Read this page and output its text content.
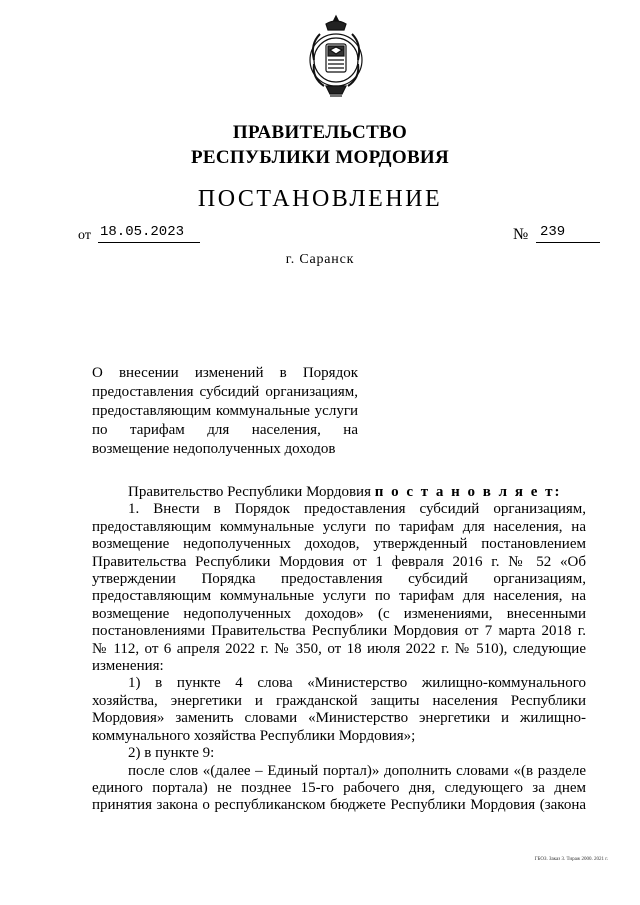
ПРАВИТЕЛЬСТВО
РЕСПУБЛИКИ МОРДОВИЯ
ПОСТАНОВЛЕНИЕ
от 18.05.2023	№ 239
г. Саранск
О внесении изменений в Порядок
предоставления субсидий организациям,
предоставляющим коммунальные услуги
по тарифам для населения, на
возмещение недополученных доходов
Правительство Республики Мордовия п о с т а н о в л я е т:
1. Внести в Порядок предоставления субсидий организациям,
предоставляющим коммунальные услуги по тарифам для населения, на
возмещение недополученных доходов, утвержденный постановлением
Правительства Республики Мордовия от 1 февраля 2016 г. № 52 «Об
утверждении Порядка предоставления субсидий организациям,
предоставляющим коммунальные услуги по тарифам для населения, на
возмещение недополученных доходов» (с изменениями, внесенными
постановлениями Правительства Республики Мордовия от 7 марта 2018 г.
№ 112, от 6 апреля 2022 г. № 350, от 18 июля 2022 г. № 510), следующие
изменения:
1) в пункте 4 слова «Министерство жилищно-коммунального
хозяйства, энергетики и гражданской защиты населения Республики
Мордовия» заменить словами «Министерство энергетики и жилищно-
коммунального хозяйства Республики Мордовия»;
2) в пункте 9:
после слов «(далее – Единый портал)» дополнить словами «(в разделе
единого портала) не позднее 15-го рабочего дня, следующего за днем
принятия закона о республиканском бюджете Республики Мордовия (закона
ГБОЗ. Заказ 3. Тираж 2000. 2021 г.
